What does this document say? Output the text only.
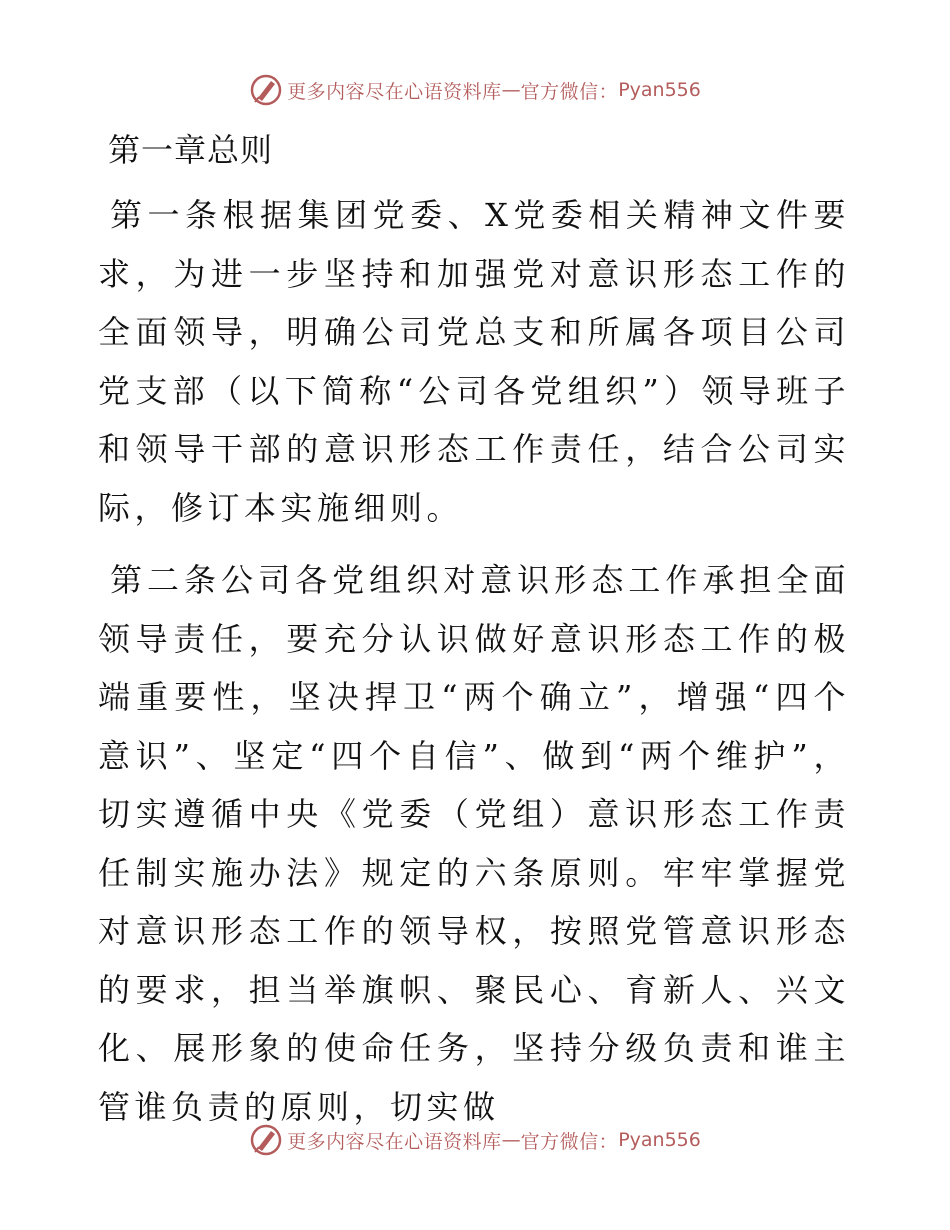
更多内容尽在心语资料库 — 官方微信： Pyan556
第一章总则

第一条根据集团党委、X党委相关精神文件要求，为进一步坚持和加强党对意识形态工作的全面领导，明确公司党总支和所属各项目公司党支部（以下简称“公司各党组织”）领导班子和领导干部的意识形态工作责任，结合公司实际，修订本实施细则。

第二条公司各党组织对意识形态工作承担全面领导责任，要充分认识做好意识形态工作的极端重要性，坚决捍卫“两个确立”，增强“四个意识”、坚定“四个自信”、做到“两个维护”，切实遵循中央《党委（党组）意识形态工作责任制实施办法》规定的六条原则。牢牢掌握党对意识形态工作的领导权，按照党管意识形态的要求，担当举旗帜、聚民心、育新人、兴文化、展形象的使命任务，坚持分级负责和谁主管谁负责的原则，切实做

更多内容尽在心语资料库 — 官方微信： Pyan556
